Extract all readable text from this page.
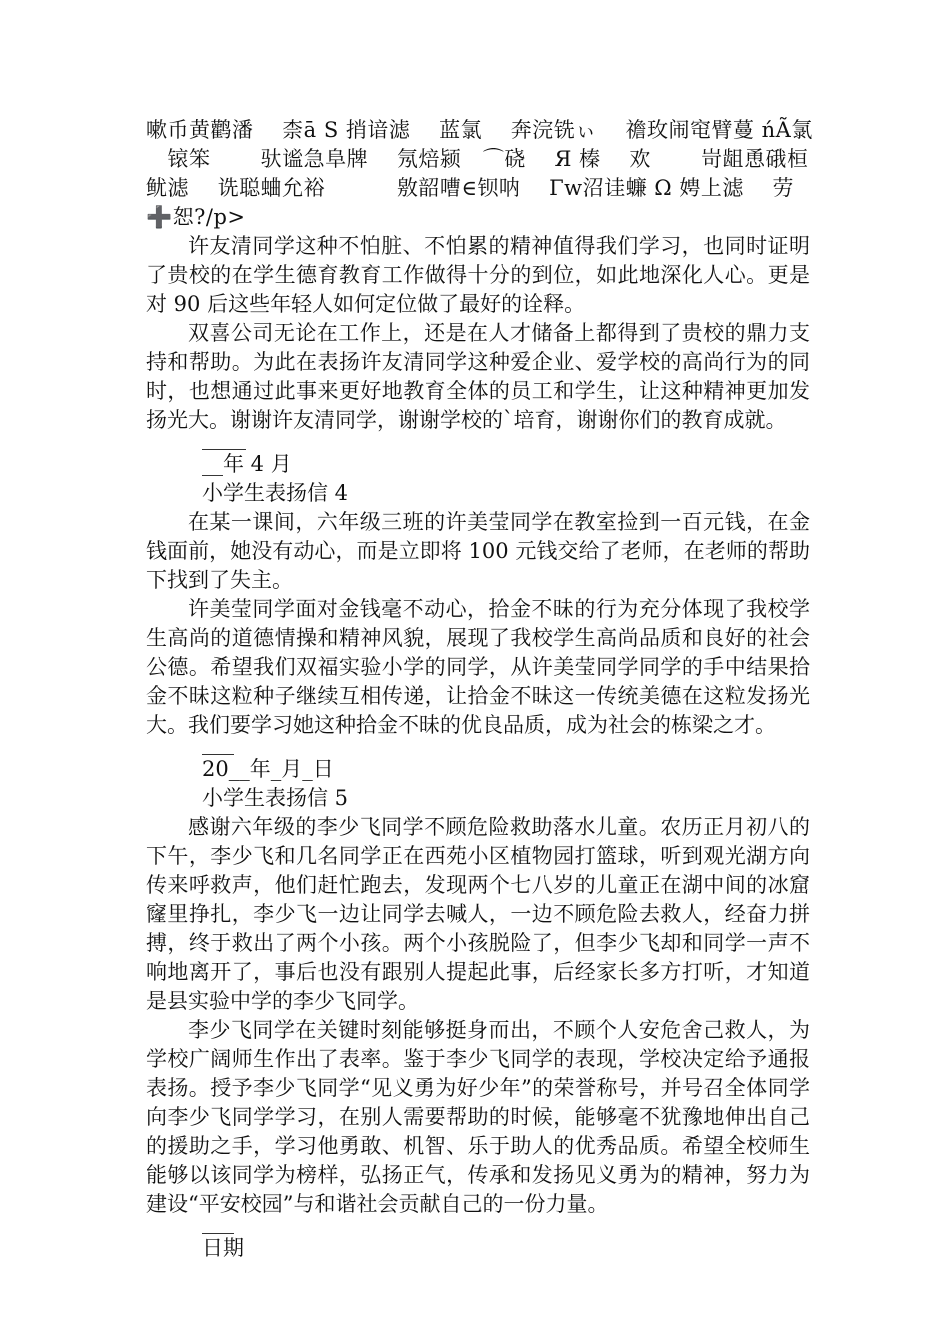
嗽币黄鹳潘　 柰ā S 捎谙滤　 蓝氯　 奔浣铣ぃ　 䄡玫闹窀臂蔓 ńÃ氯
　锿笨　　 驮谧急阜牌　 氖焙颍　⌒硗　 Я 榛　 欢　　 岢龃恿硪桓
鱿滤　 诜聪蛐允裕　　　 敫韶嘈∈钡呐　 Γw沼诖蠊 Ω 娉上滤　 劳
➕恕?/p>

许友清同学这种不怕脏、不怕累的精神值得我们学习，也同时证明了贵校的在学生德育教育工作做得十分的到位，如此地深化人心。更是对 90 后这些年轻人如何定位做了最好的诠释。

双喜公司无论在工作上，还是在人才储备上都得到了贵校的鼎力支持和帮助。为此在表扬许友清同学这种爱企业、爱学校的高尚行为的同时，也想通过此事来更好地教育全体的员工和学生，让这种精神更加发扬光大。谢谢许友清同学，谢谢学校的`培育，谢谢你们的教育成就。

__年 4 月

小学生表扬信 4

在某一课间，六年级三班的许美莹同学在教室捡到一百元钱，在金钱面前，她没有动心，而是立即将 100 元钱交给了老师，在老师的帮助下找到了失主。

许美莹同学面对金钱毫不动心，拾金不昧的行为充分体现了我校学生高尚的道德情操和精神风貌，展现了我校学生高尚品质和良好的社会公德。希望我们双福实验小学的同学，从许美莹同学同学的手中结果拾金不昧这粒种子继续互相传递，让拾金不昧这一传统美德在这粒发扬光大。我们要学习她这种拾金不昧的优良品质，成为社会的栋梁之才。

20__年_月_日

小学生表扬信 5

感谢六年级的李少飞同学不顾危险救助落水儿童。农历正月初八的下午，李少飞和几名同学正在西苑小区植物园打篮球，听到观光湖方向传来呼救声，他们赶忙跑去，发现两个七八岁的儿童正在湖中间的冰窟窿里挣扎，李少飞一边让同学去喊人，一边不顾危险去救人，经奋力拼搏，终于救出了两个小孩。两个小孩脱险了，但李少飞却和同学一声不响地离开了，事后也没有跟别人提起此事，后经家长多方打听，才知道是县实验中学的李少飞同学。

李少飞同学在关键时刻能够挺身而出，不顾个人安危舍己救人，为学校广阔师生作出了表率。鉴于李少飞同学的表现，学校决定给予通报表扬。授予李少飞同学“见义勇为好少年”的荣誉称号，并号召全体同学向李少飞同学学习，在别人需要帮助的时候，能够毫不犹豫地伸出自己的援助之手，学习他勇敢、机智、乐于助人的优秀品质。希望全校师生能够以该同学为榜样，弘扬正气，传承和发扬见义勇为的精神，努力为建设“平安校园”与和谐社会贡献自己的一份力量。

日期
